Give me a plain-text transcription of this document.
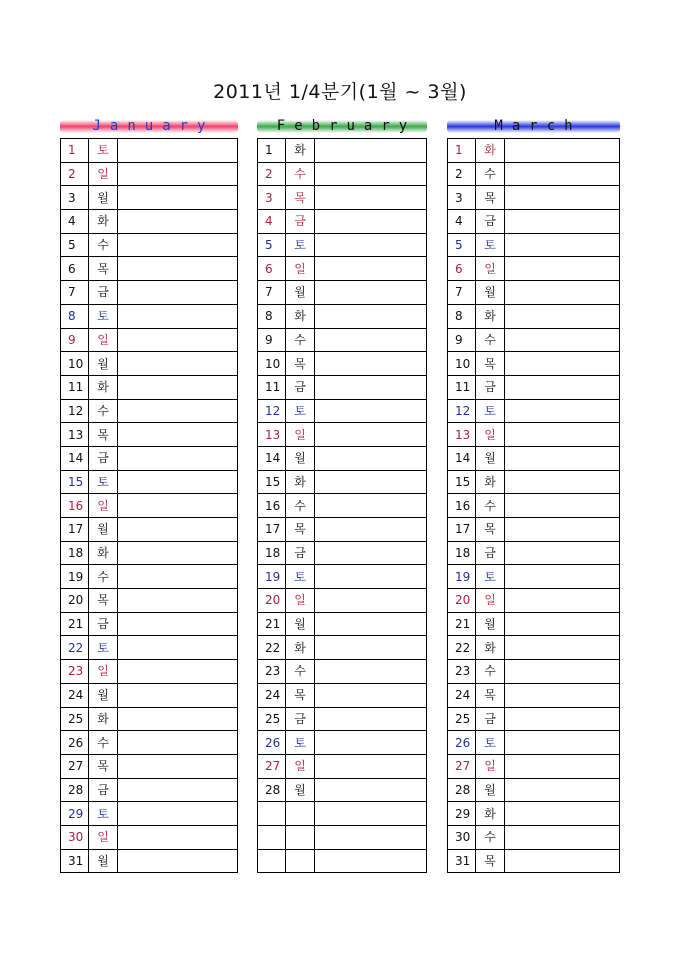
2011년 1/4분기(1월 ~ 3월)
January
1	토	
2	일	
3	월	
4	화	
5	수	
6	목	
7	금	
8	토	
9	일	
10	월	
11	화	
12	수	
13	목	
14	금	
15	토	
16	일	
17	월	
18	화	
19	수	
20	목	
21	금	
22	토	
23	일	
24	월	
25	화	
26	수	
27	목	
28	금	
29	토	
30	일	
31	월	
February
1	화	
2	수	
3	목	
4	금	
5	토	
6	일	
7	월	
8	화	
9	수	
10	목	
11	금	
12	토	
13	일	
14	월	
15	화	
16	수	
17	목	
18	금	
19	토	
20	일	
21	월	
22	화	
23	수	
24	목	
25	금	
26	토	
27	일	
28	월	

March
1	화	
2	수	
3	목	
4	금	
5	토	
6	일	
7	월	
8	화	
9	수	
10	목	
11	금	
12	토	
13	일	
14	월	
15	화	
16	수	
17	목	
18	금	
19	토	
20	일	
21	월	
22	화	
23	수	
24	목	
25	금	
26	토	
27	일	
28	월	
29	화	
30	수	
31	목	
